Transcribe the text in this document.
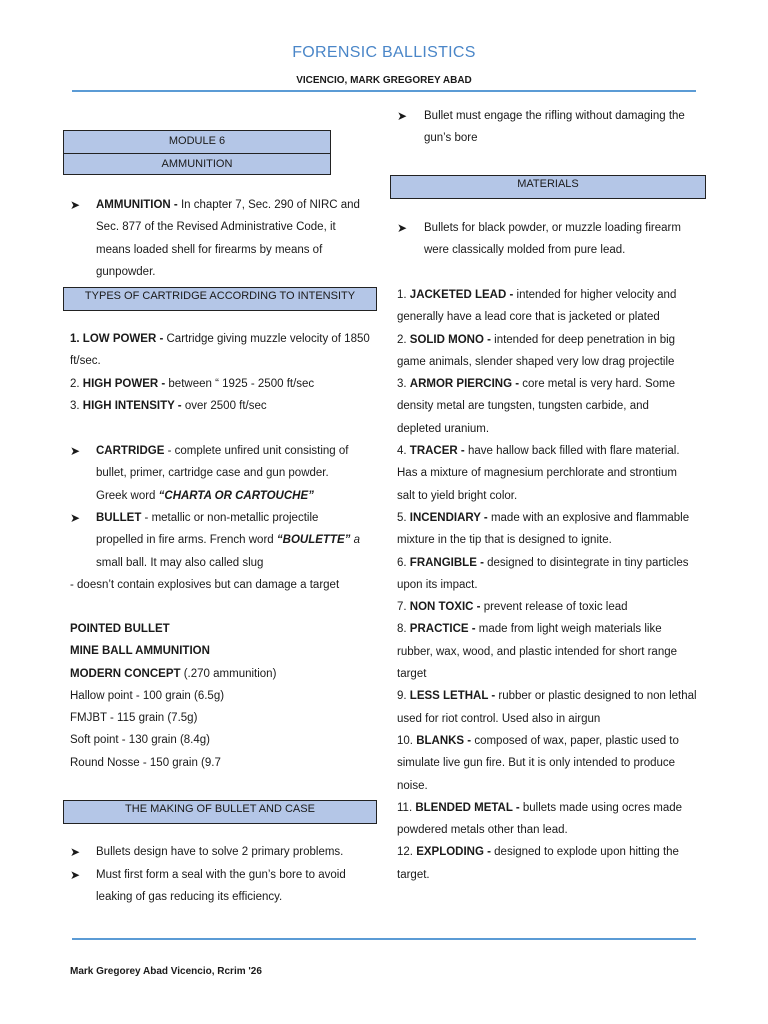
FORENSIC BALLISTICS
VICENCIO, MARK GREGOREY ABAD
MODULE 6
AMMUNITION
➤ AMMUNITION - In chapter 7, Sec. 290 of NIRC and
Sec. 877 of the Revised Administrative Code, it
means loaded shell for firearms by means of
gunpowder.
TYPES OF CARTRIDGE ACCORDING TO INTENSITY
1. LOW POWER - Cartridge giving muzzle velocity of 1850
ft/sec.
2. HIGH POWER - between “ 1925 - 2500 ft/sec
3. HIGH INTENSITY - over 2500 ft/sec
➤ CARTRIDGE - complete unfired unit consisting of
bullet, primer, cartridge case and gun powder.
Greek word “CHARTA OR CARTOUCHE”
➤ BULLET - metallic or non-metallic projectile
propelled in fire arms. French word “BOULETTE” a
small ball. It may also called slug
- doesn’t contain explosives but can damage a target
POINTED BULLET
MINE BALL AMMUNITION
MODERN CONCEPT (.270 ammunition)
Hallow point - 100 grain (6.5g)
FMJBT - 115 grain (7.5g)
Soft point - 130 grain (8.4g)
Round Nosse - 150 grain (9.7
THE MAKING OF BULLET AND CASE
➤ Bullets design have to solve 2 primary problems.
➤ Must first form a seal with the gun’s bore to avoid
leaking of gas reducing its efficiency.
➤ Bullet must engage the rifling without damaging the
gun’s bore
MATERIALS
➤ Bullets for black powder, or muzzle loading firearm
were classically molded from pure lead.
1. JACKETED LEAD - intended for higher velocity and
generally have a lead core that is jacketed or plated
2. SOLID MONO - intended for deep penetration in big
game animals, slender shaped very low drag projectile
3. ARMOR PIERCING - core metal is very hard. Some
density metal are tungsten, tungsten carbide, and
depleted uranium.
4. TRACER - have hallow back filled with flare material.
Has a mixture of magnesium perchlorate and strontium
salt to yield bright color.
5. INCENDIARY - made with an explosive and flammable
mixture in the tip that is designed to ignite.
6. FRANGIBLE - designed to disintegrate in tiny particles
upon its impact.
7. NON TOXIC - prevent release of toxic lead
8. PRACTICE - made from light weigh materials like
rubber, wax, wood, and plastic intended for short range
target
9. LESS LETHAL - rubber or plastic designed to non lethal
used for riot control. Used also in airgun
10. BLANKS - composed of wax, paper, plastic used to
simulate live gun fire. But it is only intended to produce
noise.
11. BLENDED METAL - bullets made using ocres made
powdered metals other than lead.
12. EXPLODING - designed to explode upon hitting the
target.
Mark Gregorey Abad Vicencio, Rcrim '26
